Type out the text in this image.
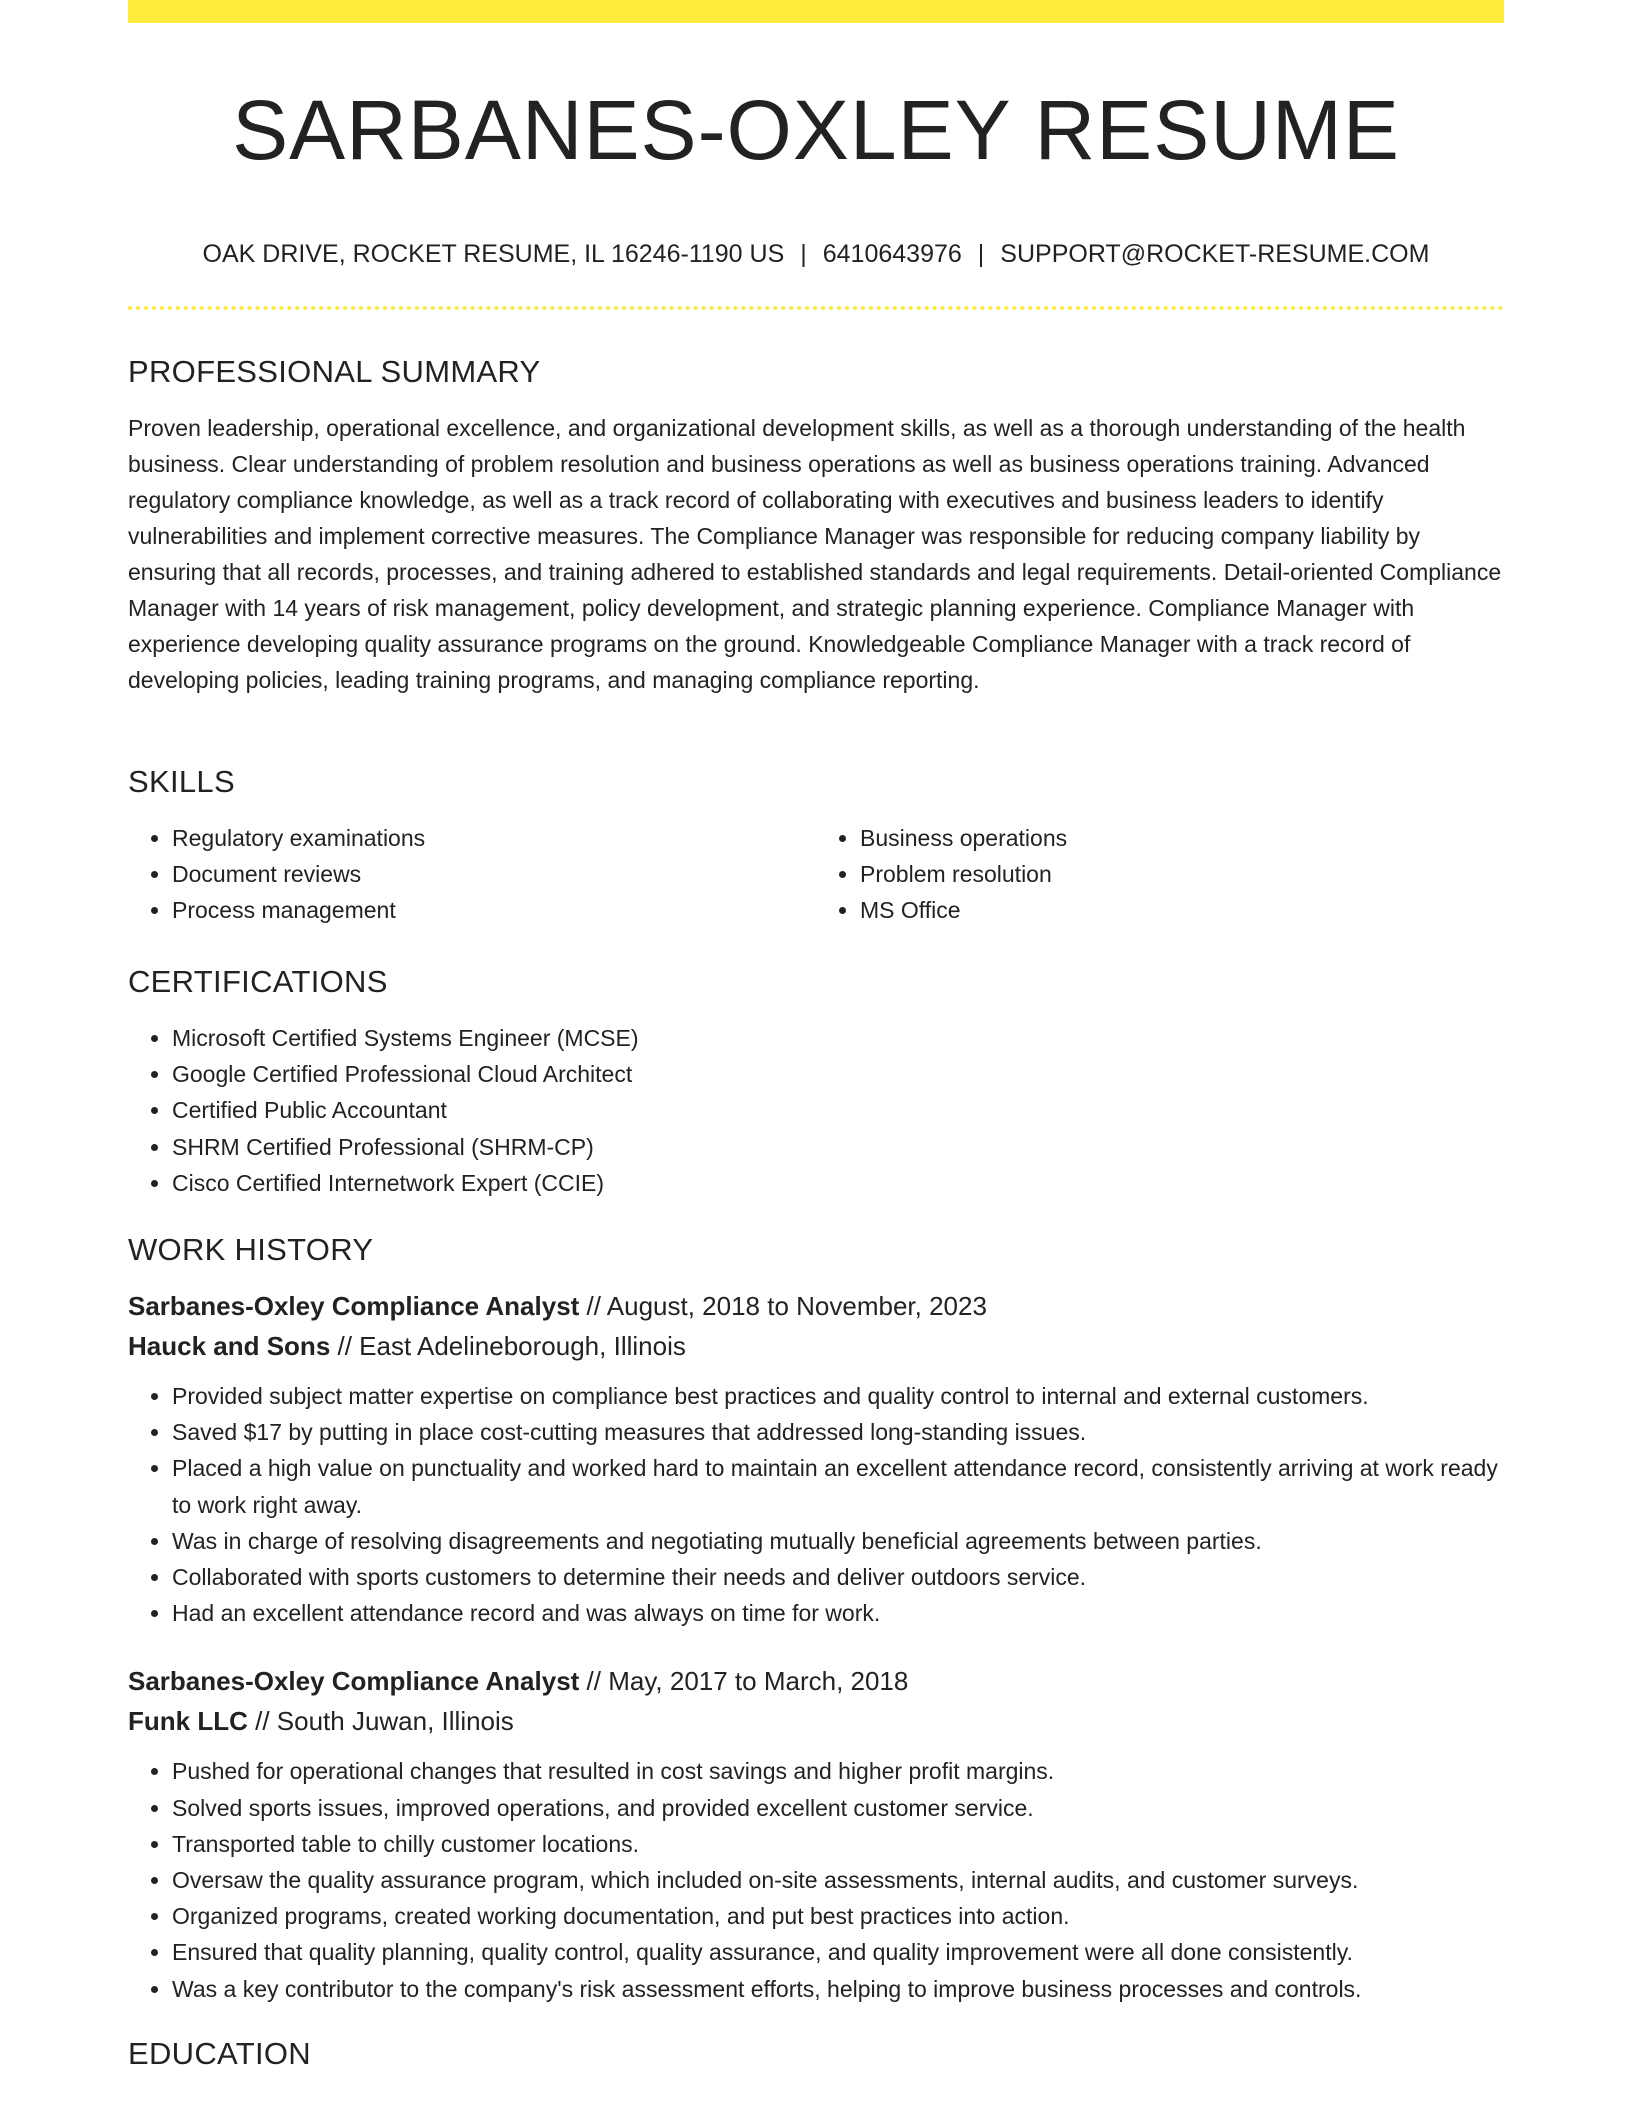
SARBANES-OXLEY RESUME
OAK DRIVE, ROCKET RESUME, IL 16246-1190 US | 6410643976 | SUPPORT@ROCKET-RESUME.COM
PROFESSIONAL SUMMARY

Proven leadership, operational excellence, and organizational development skills, as well as a thorough understanding of the health business. Clear understanding of problem resolution and business operations as well as business operations training. Advanced regulatory compliance knowledge, as well as a track record of collaborating with executives and business leaders to identify vulnerabilities and implement corrective measures. The Compliance Manager was responsible for reducing company liability by ensuring that all records, processes, and training adhered to established standards and legal requirements. Detail-oriented Compliance Manager with 14 years of risk management, policy development, and strategic planning experience. Compliance Manager with experience developing quality assurance programs on the ground. Knowledgeable Compliance Manager with a track record of developing policies, leading training programs, and managing compliance reporting.

SKILLS
• Regulatory examinations
• Document reviews
• Process management
• Business operations
• Problem resolution
• MS Office
CERTIFICATIONS
• Microsoft Certified Systems Engineer (MCSE)
• Google Certified Professional Cloud Architect
• Certified Public Accountant
• SHRM Certified Professional (SHRM-CP)
• Cisco Certified Internetwork Expert (CCIE)
WORK HISTORY
Sarbanes-Oxley Compliance Analyst // August, 2018 to November, 2023
Hauck and Sons // East Adelineborough, Illinois
• Provided subject matter expertise on compliance best practices and quality control to internal and external customers.
• Saved $17 by putting in place cost-cutting measures that addressed long-standing issues.
• Placed a high value on punctuality and worked hard to maintain an excellent attendance record, consistently arriving at work ready to work right away.
• Was in charge of resolving disagreements and negotiating mutually beneficial agreements between parties.
• Collaborated with sports customers to determine their needs and deliver outdoors service.
• Had an excellent attendance record and was always on time for work.
Sarbanes-Oxley Compliance Analyst // May, 2017 to March, 2018
Funk LLC // South Juwan, Illinois
• Pushed for operational changes that resulted in cost savings and higher profit margins.
• Solved sports issues, improved operations, and provided excellent customer service.
• Transported table to chilly customer locations.
• Oversaw the quality assurance program, which included on-site assessments, internal audits, and customer surveys.
• Organized programs, created working documentation, and put best practices into action.
• Ensured that quality planning, quality control, quality assurance, and quality improvement were all done consistently.
• Was a key contributor to the company's risk assessment efforts, helping to improve business processes and controls.
EDUCATION
